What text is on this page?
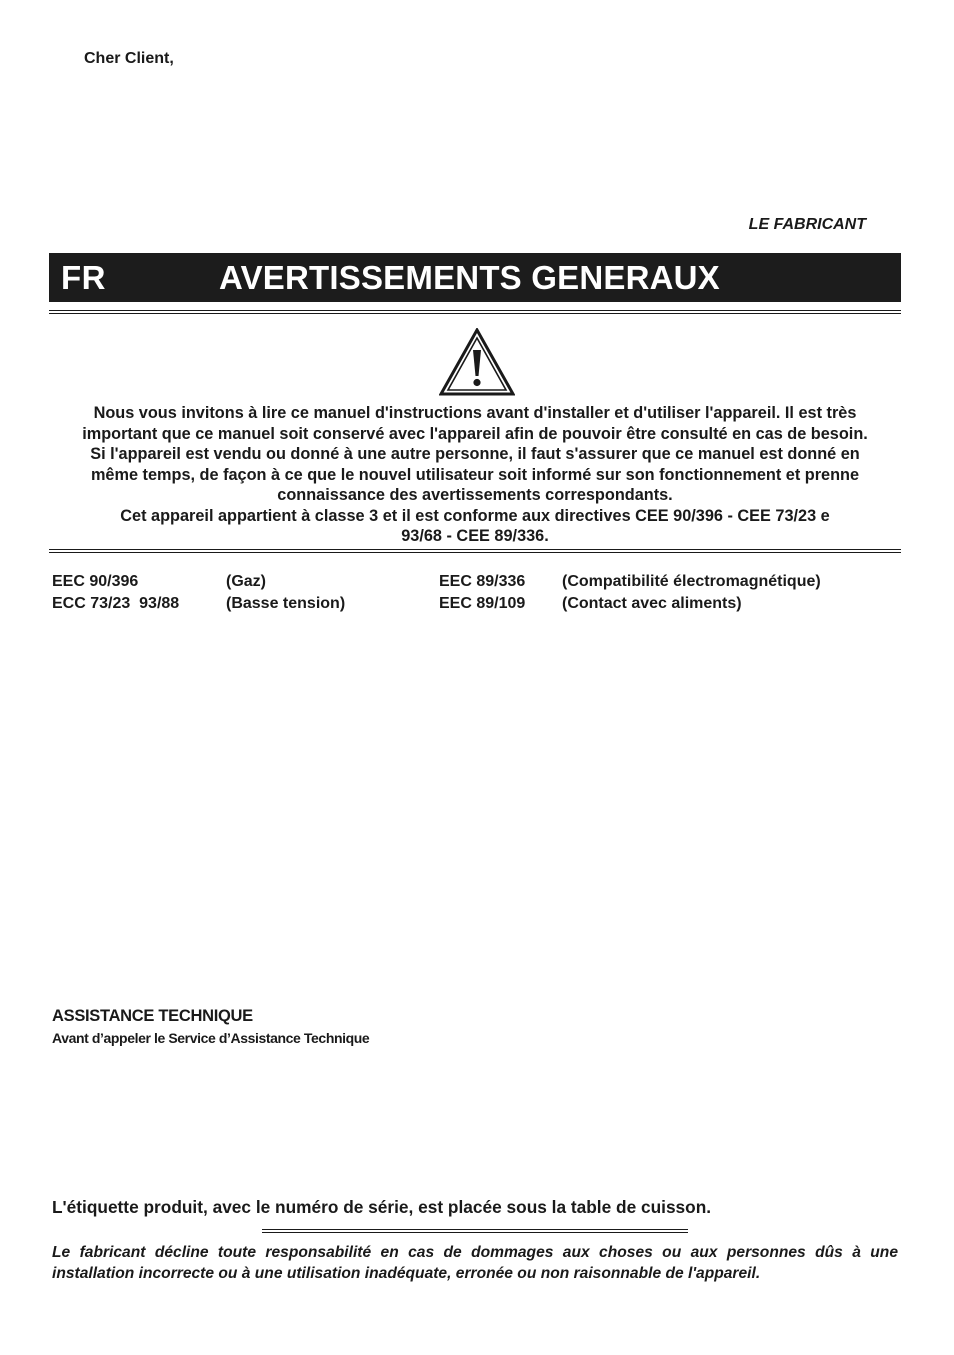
Cher Client,
LE FABRICANT
FR	AVERTISSEMENTS GENERAUX

Nous vous invitons à lire ce manuel d'instructions avant d'installer et d'utiliser l'appareil. Il est très

important que ce manuel soit conservé avec l'appareil afin de pouvoir être consulté en cas de besoin.

Si l'appareil est vendu ou donné à une autre personne, il faut s'assurer que ce manuel est donné en

même temps, de façon à ce que le nouvel utilisateur soit informé sur son fonctionnement et prenne

connaissance des avertissements correspondants.

Cet appareil appartient à classe 3 et il est conforme aux directives CEE 90/396 - CEE 73/23 e

93/68 - CEE 89/336.

EEC 90/396	(Gaz)	EEC 89/336 (Compatibilité électromagnétique)
ECC 73/23  93/88	(Basse tension)	EEC 89/109 (Contact avec aliments)
ASSISTANCE TECHNIQUE
Avant d’appeler le Service d’Assistance Technique
L'étiquette produit, avec le numéro de série, est placée sous la table de cuisson.

Le fabricant décline toute responsabilité en cas de dommages aux choses ou aux personnes dûs à une

installation incorrecte ou à une utilisation inadéquate, erronée ou non raisonnable de l'appareil.
